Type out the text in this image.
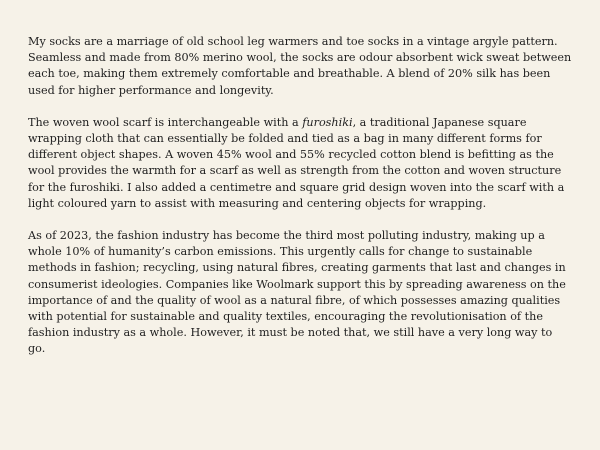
My socks are a marriage of old school leg warmers and toe socks in a vintage argyle pattern. Seamless and made from 80% merino wool, the socks are odour absorbent wick sweat between each toe, making them extremely comfortable and breathable. A blend of 20% silk has been used for higher performance and longevity.

The woven wool scarf is interchangeable with a furoshiki, a traditional Japanese square wrapping cloth that can essentially be folded and tied as a bag in many different forms for different object shapes. A woven 45% wool and 55% recycled cotton blend is befitting as the wool provides the warmth for a scarf as well as strength from the cotton and woven structure for the furoshiki. I also added a centimetre and square grid design woven into the scarf with a light coloured yarn to assist with measuring and centering objects for wrapping.

As of 2023, the fashion industry has become the third most polluting industry, making up a whole 10% of humanity’s carbon emissions. This urgently calls for change to sustainable methods in fashion; recycling, using natural fibres, creating garments that last and changes in consumerist ideologies. Companies like Woolmark support this by spreading awareness on the importance of and the quality of wool as a natural fibre, of which possesses amazing qualities with potential for sustainable and quality textiles, encouraging the revolutionisation of the fashion industry as a whole. However, it must be noted that, we still have a very long way to go.
